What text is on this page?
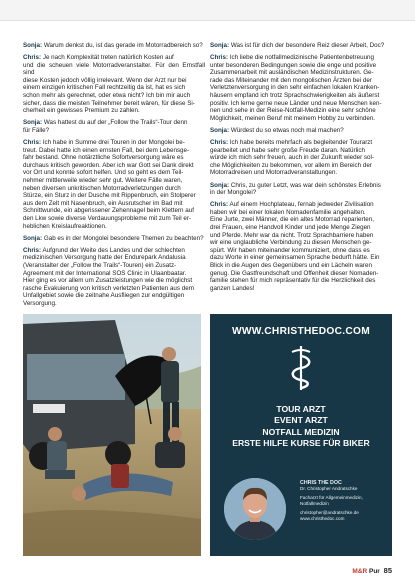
Sonja: Warum denkst du, ist das gerade im Motorradbereich so?
Chris: Je nach Komplexität treten natürlich Kosten auf
und die scheuen viele Motorradveranstalter. Für den Ernstfall sind
diese Kosten jedoch völlig irrelevant. Wenn der Arzt nur bei
einem einzigen kritischen Fall rechtzeitig da ist, hat es sich
schon mehr als gerechnet, oder etwa nicht? Ich bin mir auch
sicher, dass die meisten Teilnehmer bereit wären, für diese Si-
cherheit ein gewisses Premium zu zahlen.
Sonja: Was hattest du auf der „Follow the Trails“-Tour denn
für Fälle?
Chris: Ich habe in Summe drei Touren in der Mongolei be-
treut. Dabei hatte ich einen ernsten Fall, bei dem Lebensge-
fahr bestand. Ohne notärztliche Sofortversorgung wäre es
durchaus kritisch geworden. Aber ich war Gott sei Dank direkt
vor Ort und konnte sofort helfen. Und so geht es dem Teil-
nehmer mittlerweile wieder sehr gut. Weitere Fälle waren,
neben diversen unkritischen Motorradverletzungen durch
Stürze, ein Sturz in der Dusche mit Rippenbruch, ein Stolperer
aus dem Zelt mit Nasenbruch, ein Ausrutscher im Bad mit
Schnittwunde, ein abgerissener Zehennagel beim Klettern auf
den Lkw sowie diverse Verdauungsprobleme mit zum Teil er-
heblichen Kreislaufreaktionen.
Sonja: Gab es in der Mongolei besondere Themen zu beachten?
Chris: Aufgrund der Weite des Landes und der schlechten
medizinischen Versorgung hatte der Endurepark Andalusia
(Veranstalter der „Follow the Trails“-Touren) ein Zusatz-
Agreement mit der International SOS Clinic in Ulaanbaatar.
Hier ging es vor allem um Zusatzleistungen wie die möglichst
rasche Evakuierung von kritisch verletzten Patienten aus dem
Unfallgebiet sowie die zeitnahe Ausfliegen zur endgültigen
Versorgung.
Sonja: Was ist für dich der besondere Reiz dieser Arbeit, Doc?
Chris: Ich liebe die notfallmedizinische Patientenbetreuung
unter besonderen Bedingungen sowie die enge und positive
Zusammenarbeit mit ausländischen Medizinstrukturen. Ge-
rade das Miteinander mit den mongolischen Ärzten bei der
Verletztenversorgung in den sehr einfachen lokalen Kranken-
häusern empfand ich trotz Sprachschwierigkeiten als äußerst
positiv. Ich lerne gerne neue Länder und neue Menschen ken-
nen und sehe in der Reise-Notfall-Medizin eine sehr schöne
Möglichkeit, meinen Beruf mit meinem Hobby zu verbinden.
Sonja: Würdest du so etwas noch mal machen?
Chris: Ich habe bereits mehrfach als begleitender Tourarzt
gearbeitet und habe sehr große Freude daran. Natürlich
würde ich mich sehr freuen, auch in der Zukunft wieder sol-
che Möglichkeiten zu bekommen, vor allem im Bereich der
Motorradreisen und Motorradveranstaltungen.
Sonja: Chris, zu guter Letzt, was war dein schönstes Erlebnis
in der Mongolei?
Chris: Auf einem Hochplateau, fernab jedweder Zivilisation
haben wir bei einer lokalen Nomadenfamilie angehalten.
Eine Jurte, zwei Männer, die ein altes Motorrad reparierten,
drei Frauen, eine Handvoll Kinder und jede Menge Ziegen
und Pferde. Mehr war da nicht. Trotz Sprachbarriere haben
wir eine unglaubliche Verbindung zu diesen Menschen ge-
spürt. Wir haben miteinander kommuniziert, ohne dass es
dazu Worte in einer gemeinsamen Sprache bedurft hätte. Ein
Blick in die Augen des Gegenübers und ein Lächeln waren
genug. Die Gastfreundschaft und Offenheit dieser Nomaden-
familie stehen für mich repräsentativ für die Herzlichkeit des
ganzen Landes!
WWW.CHRISTHEDOC.COM
TOUR ARZT
EVENT ARZT
NOTFALL MEDIZIN
ERSTE HILFE KURSE FÜR BIKER
CHRIS THE DOC
Dr. Christopher Andratschke
Facharzt für Allgemeinmedizin,
Notfallmedizin
christopher@andratschke.de
www.christhedoc.com
M&R Pur 85
